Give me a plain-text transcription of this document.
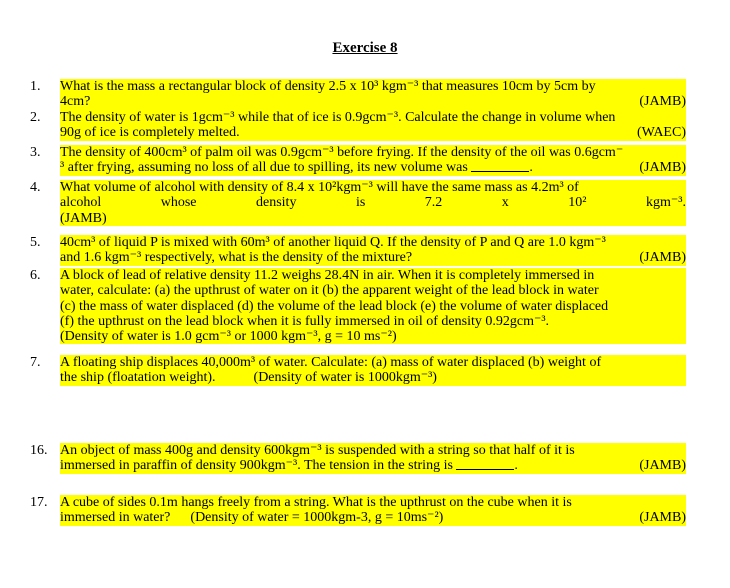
Exercise 8
1.	What is the mass a rectangular block of density 2.5 x 10³ kgm⁻³ that measures 10cm by 5cm by
4cm?	(JAMB)
2.	The density of water is 1gcm⁻³ while that of ice is 0.9gcm⁻³. Calculate the change in volume when
90g of ice is completely melted.	(WAEC)
3.	The density of 400cm³ of palm oil was 0.9gcm⁻³ before frying. If the density of the oil was 0.6gcm⁻
³ after frying, assuming no loss of all due to spilling, its new volume was	.	(JAMB)
4.	What volume of alcohol with density of 8.4 x 10²kgm⁻³ will have the same mass as 4.2m³ of
alcohol	whose	density	is	7.2	x	10²	kgm⁻³.
(JAMB)
5.	40cm³ of liquid P is mixed with 60m³ of another liquid Q. If the density of P and Q are 1.0 kgm⁻³
and 1.6 kgm⁻³ respectively, what is the density of the mixture?	(JAMB)
6.	A block of lead of relative density 11.2 weighs 28.4N in air. When it is completely immersed in
water, calculate: (a) the upthrust of water on it (b) the apparent weight of the lead block in water
(c) the mass of water displaced (d) the volume of the lead block (e) the volume of water displaced
(f) the upthrust on the lead block when it is fully immersed in oil of density 0.92gcm⁻³.
(Density of water is 1.0 gcm⁻³ or 1000 kgm⁻³, g = 10 ms⁻²)
7.	A floating ship displaces 40,000m³ of water. Calculate: (a) mass of water displaced (b) weight of
the ship (floatation weight).	(Density of water is 1000kgm⁻³)
16. An object of mass 400g and density 600kgm⁻³ is suspended with a string so that half of it is
immersed in paraffin of density 900kgm⁻³. The tension in the string is	.	(JAMB)
17. A cube of sides 0.1m hangs freely from a string. What is the upthrust on the cube when it is
immersed in water? (Density of water = 1000kgm-3, g = 10ms⁻²)	(JAMB)
